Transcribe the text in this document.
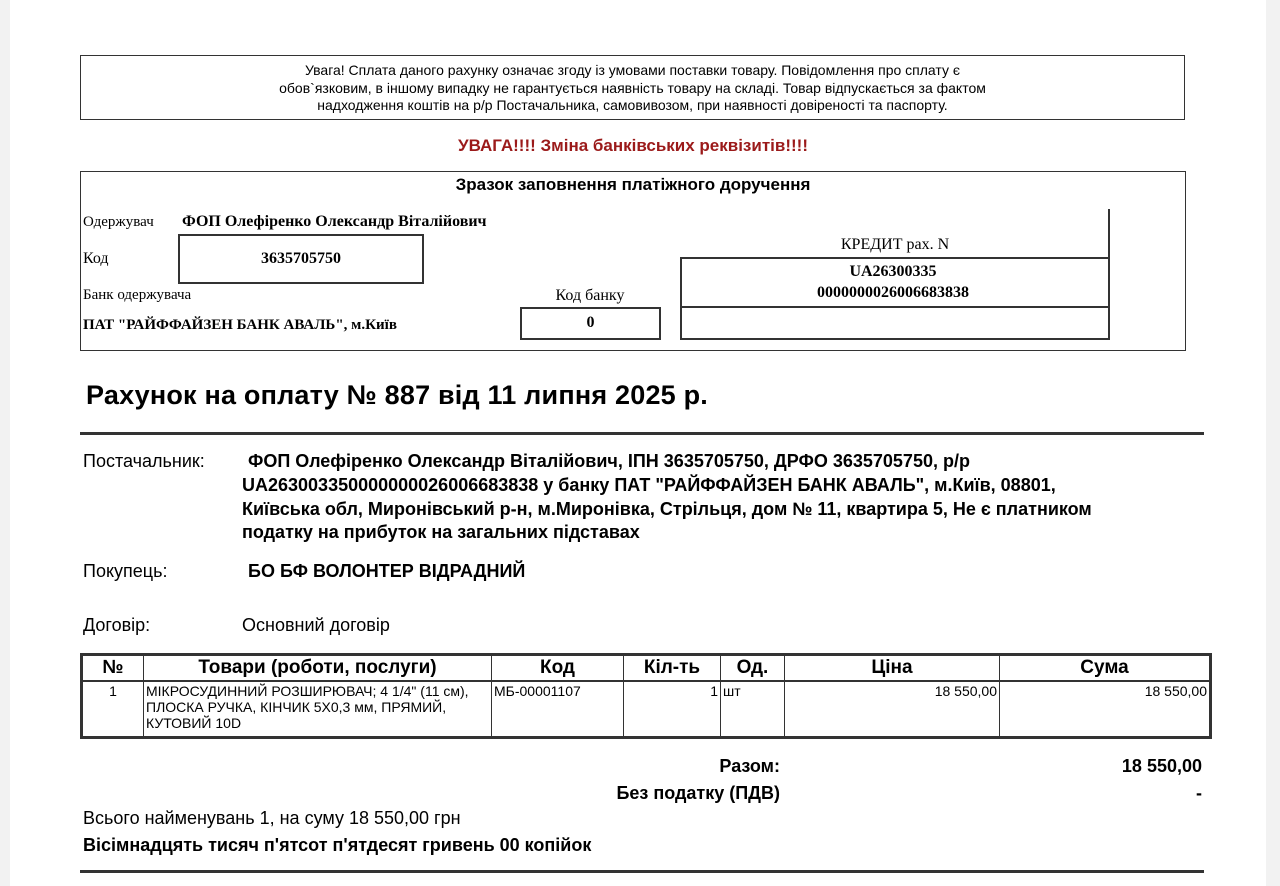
Увага! Сплата даного рахунку означає згоду із умовами поставки товару. Повідомлення про сплату є
обов`язковим, в іншому випадку не гарантується наявність товару на складі. Товар відпускається за фактом
надходження коштів на р/р Постачальника, самовивозом, при наявності довіреності та паспорту.
УВАГА!!!! Зміна банківських реквізитів!!!!
Зразок заповнення платіжного доручення
Одержувач ФОП Олефіренко Олександр Віталійович
Код	3635705750
Банк одержувача
ПАТ "РАЙФФАЙЗЕН БАНК АВАЛЬ", м.Київ
Код банку
0
КРЕДИТ рах. N
UA26300335
0000000026006683838
Рахунок на оплату № 887 від 11 липня 2025 р.
Постачальник: ФОП Олефіренко Олександр Віталійович, ІПН 3635705750, ДРФО 3635705750, р/р
UA263003350000000026006683838 у банку ПАТ "РАЙФФАЙЗЕН БАНК АВАЛЬ", м.Київ, 08801,
Київська обл, Миронівський р-н, м.Миронівка, Стрільця, дом № 11, квартира 5, Не є платником
податку на прибуток на загальних підставах
Покупець:	БО БФ ВОЛОНТЕР ВІДРАДНИЙ
Договір:	Основний договір
№	Товари (роботи, послуги)	Код	Кіл-ть	Од.	Ціна	Сума
1	МІКРОСУДИННИЙ РОЗШИРЮВАЧ; 4 1/4" (11 см), ПЛОСКА РУЧКА, КІНЧИК 5Х0,3 мм, ПРЯМИЙ, КУТОВИЙ 10D	МБ-00001107	1	шт	18 550,00	18 550,00
Разом:	18 550,00
Без податку (ПДВ)	-
Всього найменувань 1, на суму 18 550,00 грн
Вісімнадцять тисяч п'ятсот п'ятдесят гривень 00 копійок
